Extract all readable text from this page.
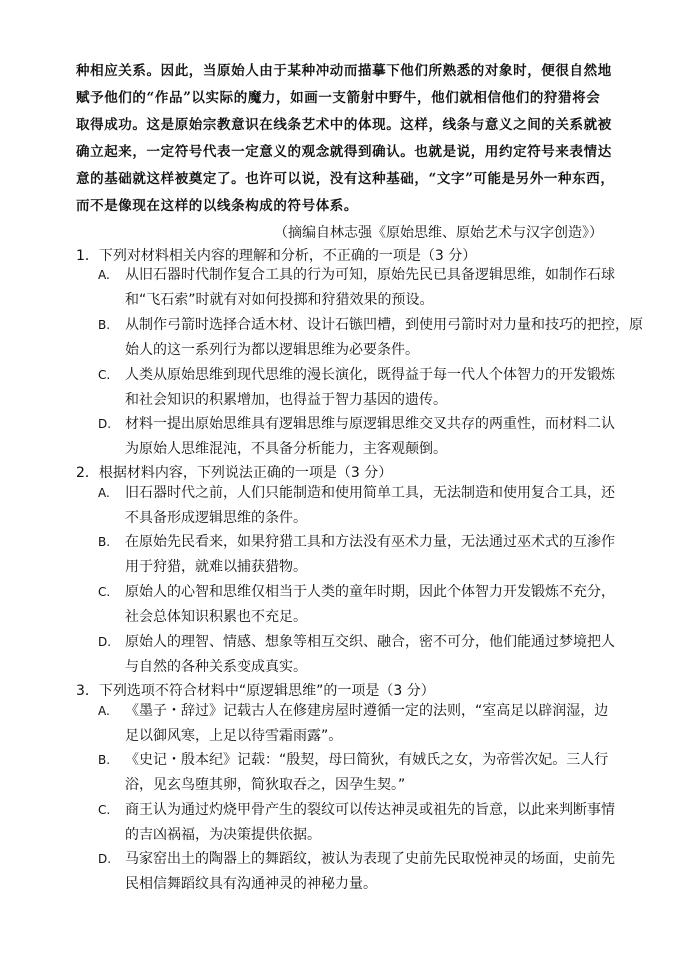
种相应关系。因此，当原始人由于某种冲动而描摹下他们所熟悉的对象时，便很自然地
赋予他们的“作品”以实际的魔力，如画一支箭射中野牛，他们就相信他们的狩猎将会
取得成功。这是原始宗教意识在线条艺术中的体现。这样，线条与意义之间的关系就被
确立起来，一定符号代表一定意义的观念就得到确认。也就是说，用约定符号来表情达
意的基础就这样被奠定了。也许可以说，没有这种基础，“文字”可能是另外一种东西，
而不是像现在这样的以线条构成的符号体系。
（摘编自林志强《原始思维、原始艺术与汉字创造》）
1．下列对材料相关内容的理解和分析，不正确的一项是（3 分）
A. 从旧石器时代制作复合工具的行为可知，原始先民已具备逻辑思维，如制作石球
和“飞石索”时就有对如何投掷和狩猎效果的预设。
B. 从制作弓箭时选择合适木材、设计石镞凹槽，到使用弓箭时对力量和技巧的把控，原
始人的这一系列行为都以逻辑思维为必要条件。
C. 人类从原始思维到现代思维的漫长演化，既得益于每一代人个体智力的开发锻炼
和社会知识的积累增加，也得益于智力基因的遗传。
D. 材料一提出原始思维具有逻辑思维与原逻辑思维交叉共存的两重性，而材料二认
为原始人思维混沌，不具备分析能力，主客观颠倒。
2．根据材料内容，下列说法正确的一项是（3 分）
A. 旧石器时代之前，人们只能制造和使用简单工具，无法制造和使用复合工具，还
不具备形成逻辑思维的条件。
B. 在原始先民看来，如果狩猎工具和方法没有巫术力量，无法通过巫术式的互渗作
用于狩猎，就难以捕获猎物。
C. 原始人的心智和思维仅相当于人类的童年时期，因此个体智力开发锻炼不充分，
社会总体知识积累也不充足。
D. 原始人的理智、情感、想象等相互交织、融合，密不可分，他们能通过梦境把人
与自然的各种关系变成真实。
3．下列选项不符合材料中“原逻辑思维”的一项是（3 分）
A. 《墨子・辞过》记载古人在修建房屋时遵循一定的法则，“室高足以辟润湿，边
足以御风寒，上足以待雪霜雨露”。
B. 《史记・殷本纪》记载：“殷契，母曰简狄，有娀氏之女，为帝喾次妃。三人行
浴，见玄鸟堕其卵，简狄取吞之，因孕生契。”
C. 商王认为通过灼烧甲骨产生的裂纹可以传达神灵或祖先的旨意，以此来判断事情
的吉凶祸福，为决策提供依据。
D. 马家窑出土的陶器上的舞蹈纹，被认为表现了史前先民取悦神灵的场面，史前先
民相信舞蹈纹具有沟通神灵的神秘力量。
